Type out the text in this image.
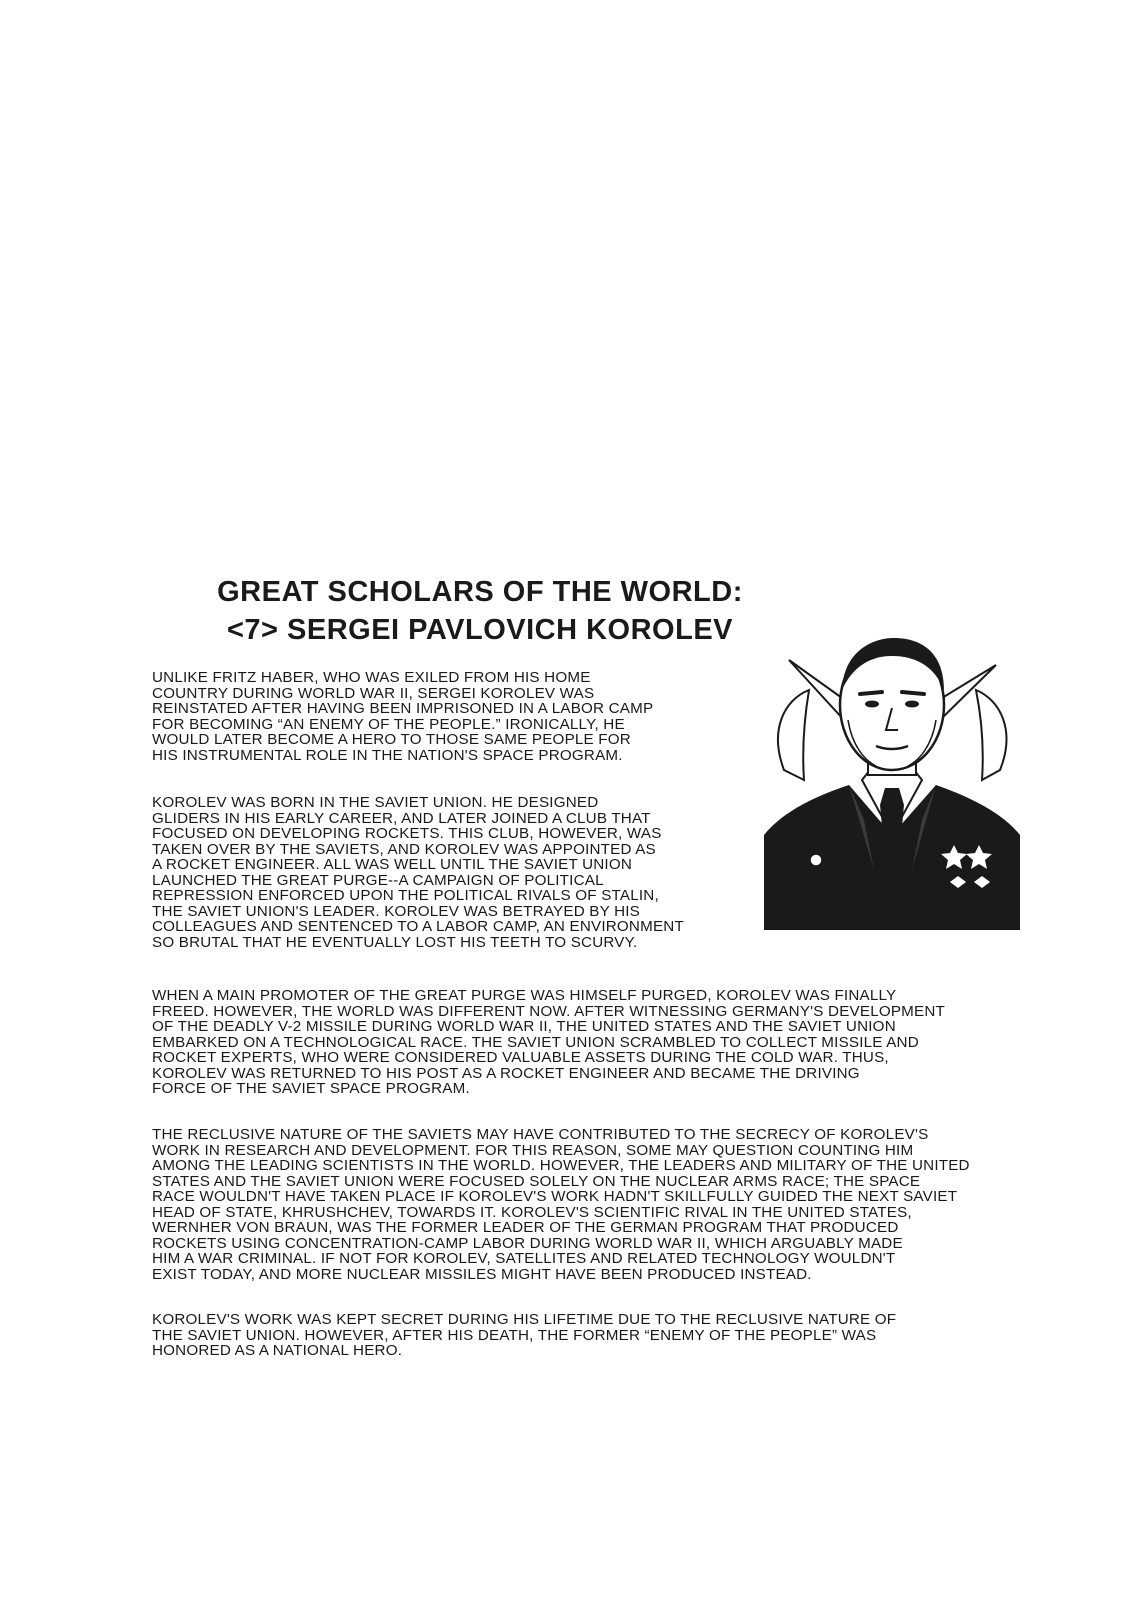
GREAT SCHOLARS OF THE WORLD:
<7> SERGEI PAVLOVICH KOROLEV
UNLIKE FRITZ HABER, WHO WAS EXILED FROM HIS HOME
COUNTRY DURING WORLD WAR II, SERGEI KOROLEV WAS
REINSTATED AFTER HAVING BEEN IMPRISONED IN A LABOR CAMP
FOR BECOMING “AN ENEMY OF THE PEOPLE.” IRONICALLY, HE
WOULD LATER BECOME A HERO TO THOSE SAME PEOPLE FOR
HIS INSTRUMENTAL ROLE IN THE NATION'S SPACE PROGRAM.
KOROLEV WAS BORN IN THE SAVIET UNION. HE DESIGNED
GLIDERS IN HIS EARLY CAREER, AND LATER JOINED A CLUB THAT
FOCUSED ON DEVELOPING ROCKETS. THIS CLUB, HOWEVER, WAS
TAKEN OVER BY THE SAVIETS, AND KOROLEV WAS APPOINTED AS
A ROCKET ENGINEER. ALL WAS WELL UNTIL THE SAVIET UNION
LAUNCHED THE GREAT PURGE--A CAMPAIGN OF POLITICAL
REPRESSION ENFORCED UPON THE POLITICAL RIVALS OF STALIN,
THE SAVIET UNION'S LEADER. KOROLEV WAS BETRAYED BY HIS
COLLEAGUES AND SENTENCED TO A LABOR CAMP, AN ENVIRONMENT
SO BRUTAL THAT HE EVENTUALLY LOST HIS TEETH TO SCURVY.
WHEN A MAIN PROMOTER OF THE GREAT PURGE WAS HIMSELF PURGED, KOROLEV WAS FINALLY
FREED. HOWEVER, THE WORLD WAS DIFFERENT NOW. AFTER WITNESSING GERMANY'S DEVELOPMENT
OF THE DEADLY V-2 MISSILE DURING WORLD WAR II, THE UNITED STATES AND THE SAVIET UNION
EMBARKED ON A TECHNOLOGICAL RACE. THE SAVIET UNION SCRAMBLED TO COLLECT MISSILE AND
ROCKET EXPERTS, WHO WERE CONSIDERED VALUABLE ASSETS DURING THE COLD WAR. THUS,
KOROLEV WAS RETURNED TO HIS POST AS A ROCKET ENGINEER AND BECAME THE DRIVING
FORCE OF THE SAVIET SPACE PROGRAM.
THE RECLUSIVE NATURE OF THE SAVIETS MAY HAVE CONTRIBUTED TO THE SECRECY OF KOROLEV'S
WORK IN RESEARCH AND DEVELOPMENT. FOR THIS REASON, SOME MAY QUESTION COUNTING HIM
AMONG THE LEADING SCIENTISTS IN THE WORLD. HOWEVER, THE LEADERS AND MILITARY OF THE UNITED
STATES AND THE SAVIET UNION WERE FOCUSED SOLELY ON THE NUCLEAR ARMS RACE; THE SPACE
RACE WOULDN'T HAVE TAKEN PLACE IF KOROLEV'S WORK HADN'T SKILLFULLY GUIDED THE NEXT SAVIET
HEAD OF STATE, KHRUSHCHEV, TOWARDS IT. KOROLEV'S SCIENTIFIC RIVAL IN THE UNITED STATES,
WERNHER VON BRAUN, WAS THE FORMER LEADER OF THE GERMAN PROGRAM THAT PRODUCED
ROCKETS USING CONCENTRATION-CAMP LABOR DURING WORLD WAR II, WHICH ARGUABLY MADE
HIM A WAR CRIMINAL. IF NOT FOR KOROLEV, SATELLITES AND RELATED TECHNOLOGY WOULDN'T
EXIST TODAY, AND MORE NUCLEAR MISSILES MIGHT HAVE BEEN PRODUCED INSTEAD.
KOROLEV'S WORK WAS KEPT SECRET DURING HIS LIFETIME DUE TO THE RECLUSIVE NATURE OF
THE SAVIET UNION. HOWEVER, AFTER HIS DEATH, THE FORMER “ENEMY OF THE PEOPLE” WAS
HONORED AS A NATIONAL HERO.
